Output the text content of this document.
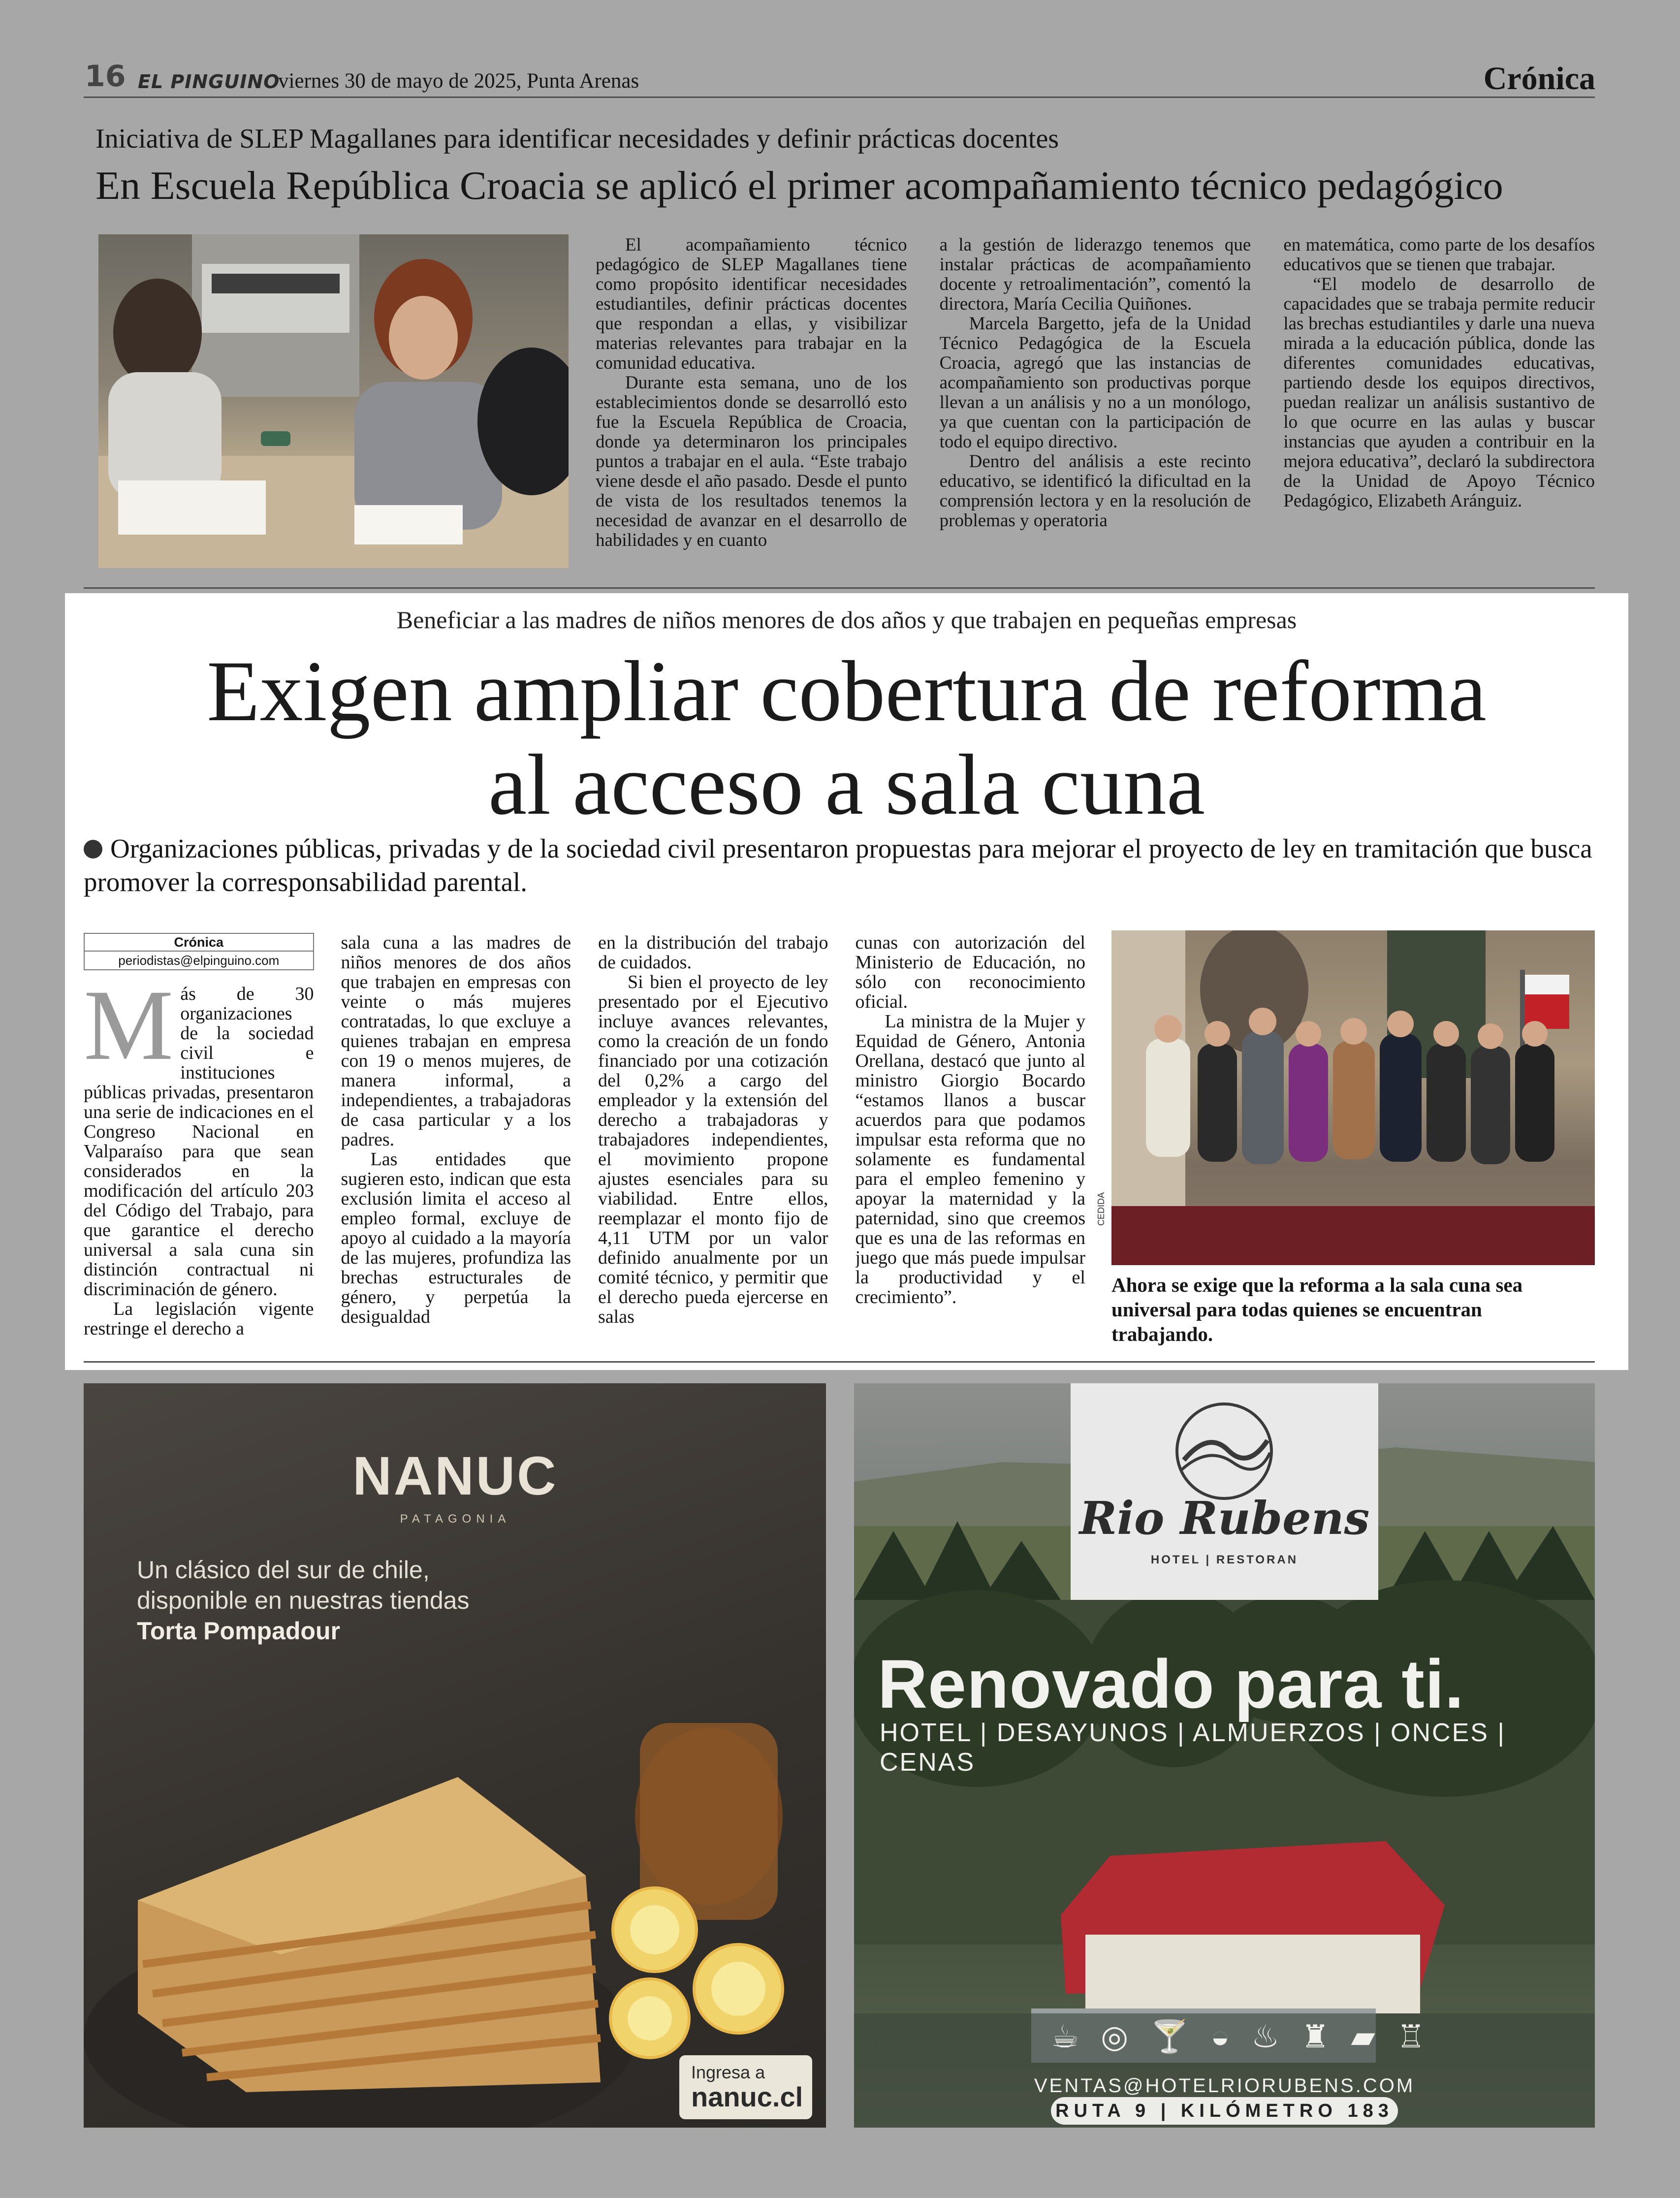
16 EL PINGUINO
viernes 30 de mayo de 2025, Punta Arenas	Crónica
Iniciativa de SLEP Magallanes para identificar necesidades y definir prácticas docentes
En Escuela República Croacia se aplicó el primer acompañamiento técnico pedagógico

El acompañamiento técnico pedagógico de SLEP Magallanes tiene como propósito identificar necesidades estudiantiles, definir prácticas docentes que respondan a ellas, y visibilizar materias relevantes para trabajar en la comunidad educativa.

Durante esta semana, uno de los establecimientos donde se desarrolló esto fue la Escuela República de Croacia, donde ya determinaron los principales puntos a trabajar en el aula. “Este trabajo viene desde el año pasado. Desde el punto de vista de los resultados tenemos la necesidad de avanzar en el desarrollo de habilidades y en cuanto

a la gestión de liderazgo tenemos que instalar prácticas de acompañamiento docente y retroalimentación”, comentó la directora, María Cecilia Quiñones.

Marcela Bargetto, jefa de la Unidad Técnico Pedagógica de la Escuela Croacia, agregó que las instancias de acompañamiento son productivas porque llevan a un análisis y no a un monólogo, ya que cuentan con la participación de todo el equipo directivo.

Dentro del análisis a este recinto educativo, se identificó la dificultad en la comprensión lectora y en la resolución de problemas y operatoria

en matemática, como parte de los desafíos educativos que se tienen que trabajar.

“El modelo de desarrollo de capacidades que se trabaja permite reducir las brechas estudiantiles y darle una nueva mirada a la educación pública, donde las diferentes comunidades educativas, partiendo desde los equipos directivos, puedan realizar un análisis sustantivo de lo que ocurre en las aulas y buscar instancias que ayuden a contribuir en la mejora educativa”, declaró la subdirectora de la Unidad de Apoyo Técnico Pedagógico, Elizabeth Aránguiz.

Beneficiar a las madres de niños menores de dos años y que trabajen en pequeñas empresas
Exigen ampliar cobertura de reforma
al acceso a sala cuna
Organizaciones públicas, privadas y de la sociedad civil presentaron propuestas para mejorar el proyecto de ley en tramitación que busca promover la corresponsabilidad parental.
Crónica
periodistas@elpinguino.com

Más de 30 organizaciones de la sociedad civil e instituciones públicas privadas, presentaron una serie de indicaciones en el Congreso Nacional en Valparaíso para que sean considerados en la modificación del artículo 203 del Código del Trabajo, para que garantice el derecho universal a sala cuna sin distinción contractual ni discriminación de género.

La legislación vigente restringe el derecho a

sala cuna a las madres de niños menores de dos años que trabajen en empresas con veinte o más mujeres contratadas, lo que excluye a quienes trabajan en empresa con 19 o menos mujeres, de manera informal, a independientes, a trabajadoras de casa particular y a los padres.

Las entidades que sugieren esto, indican que esta exclusión limita el acceso al empleo formal, excluye de apoyo al cuidado a la mayoría de las mujeres, profundiza las brechas estructurales de género, y perpetúa la desigualdad

en la distribución del trabajo de cuidados.

Si bien el proyecto de ley presentado por el Ejecutivo incluye avances relevantes, como la creación de un fondo financiado por una cotización del 0,2% a cargo del empleador y la extensión del derecho a trabajadoras y trabajadores independientes, el movimiento propone ajustes esenciales para su viabilidad. Entre ellos, reemplazar el monto fijo de 4,11 UTM por un valor definido anualmente por un comité técnico, y permitir que el derecho pueda ejercerse en salas

cunas con autorización del Ministerio de Educación, no sólo con reconocimiento oficial.

La ministra de la Mujer y Equidad de Género, Antonia Orellana, destacó que junto al ministro Giorgio Bocardo “estamos llanos a buscar acuerdos para que podamos impulsar esta reforma que no solamente es fundamental para el empleo femenino y apoyar la maternidad y la paternidad, sino que creemos que es una de las reformas en juego que más puede impulsar la productividad y el crecimiento”.

CEDIDA
Ahora se exige que la reforma a la sala cuna sea universal para todas quienes se encuentran trabajando.
NANUC
PATAGONIA
Un clásico del sur de chile,
disponible en nuestras tiendas
Torta Pompadour
Ingresa a
nanuc.cl
Rio Rubens
HOTEL | RESTORAN
Renovado para ti.
HOTEL | DESAYUNOS | ALMUERZOS | ONCES | CENAS
☕ ◎ 🍸 ◒ ♨ ♜ ▰ ♖
VENTAS@HOTELRIORUBENS.COM
RUTA 9 | KILÓMETRO 183
